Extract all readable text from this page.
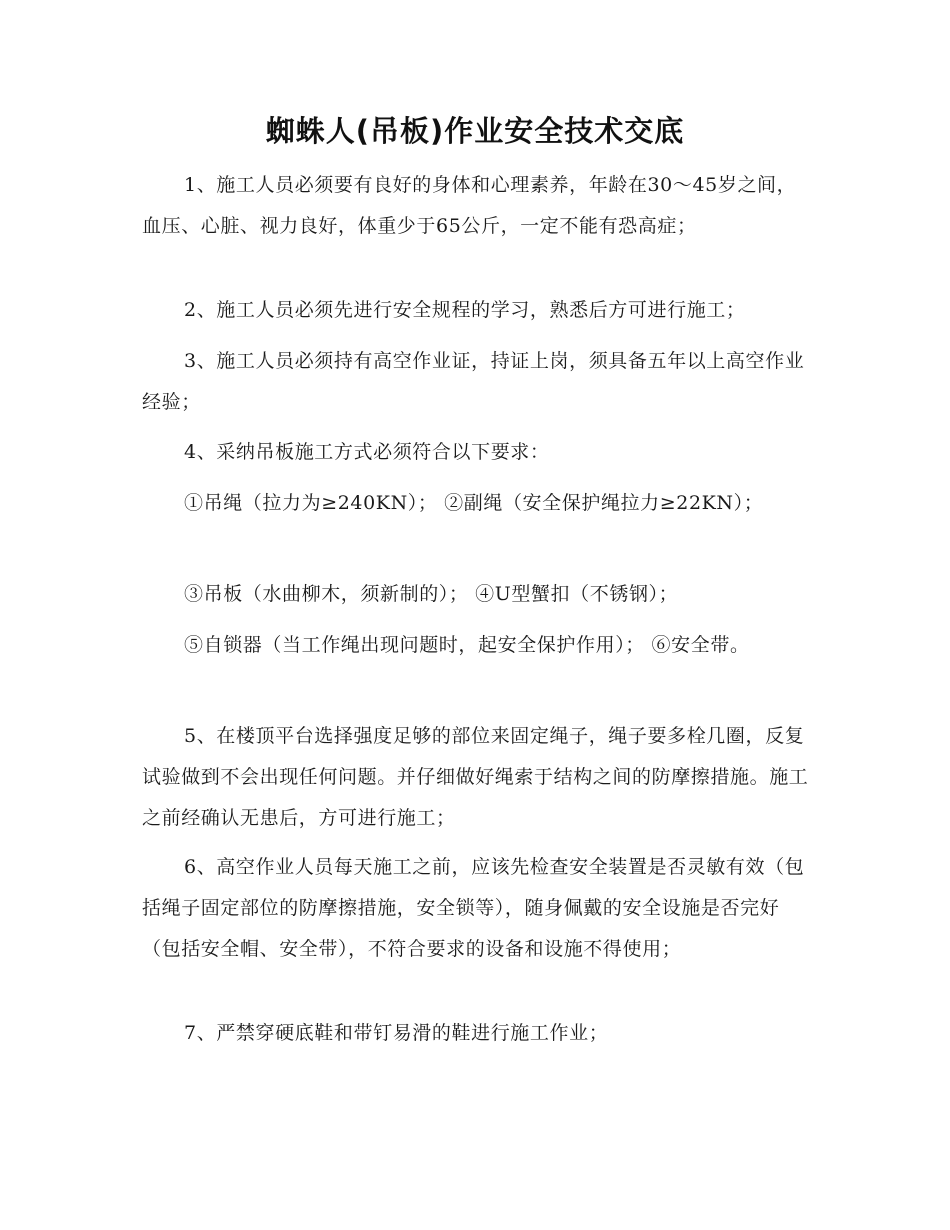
蜘蛛人(吊板)作业安全技术交底

1、施工人员必须要有良好的身体和心理素养，年龄在30～45岁之间，血压、心脏、视力良好，体重少于65公斤，一定不能有恐高症；

2、施工人员必须先进行安全规程的学习，熟悉后方可进行施工；

3、施工人员必须持有高空作业证，持证上岗，须具备五年以上高空作业经验；

4、采纳吊板施工方式必须符合以下要求：

①吊绳（拉力为≥240KN）； ②副绳（安全保护绳拉力≥22KN）；

③吊板（水曲柳木，须新制的）； ④U型蟹扣（不锈钢）；

⑤自锁器（当工作绳出现问题时，起安全保护作用）； ⑥安全带。

5、在楼顶平台选择强度足够的部位来固定绳子，绳子要多栓几圈，反复试验做到不会出现任何问题。并仔细做好绳索于结构之间的防摩擦措施。施工之前经确认无患后，方可进行施工；

6、高空作业人员每天施工之前，应该先检查安全装置是否灵敏有效（包括绳子固定部位的防摩擦措施，安全锁等），随身佩戴的安全设施是否完好（包括安全帽、安全带），不符合要求的设备和设施不得使用；

7、严禁穿硬底鞋和带钉易滑的鞋进行施工作业；
